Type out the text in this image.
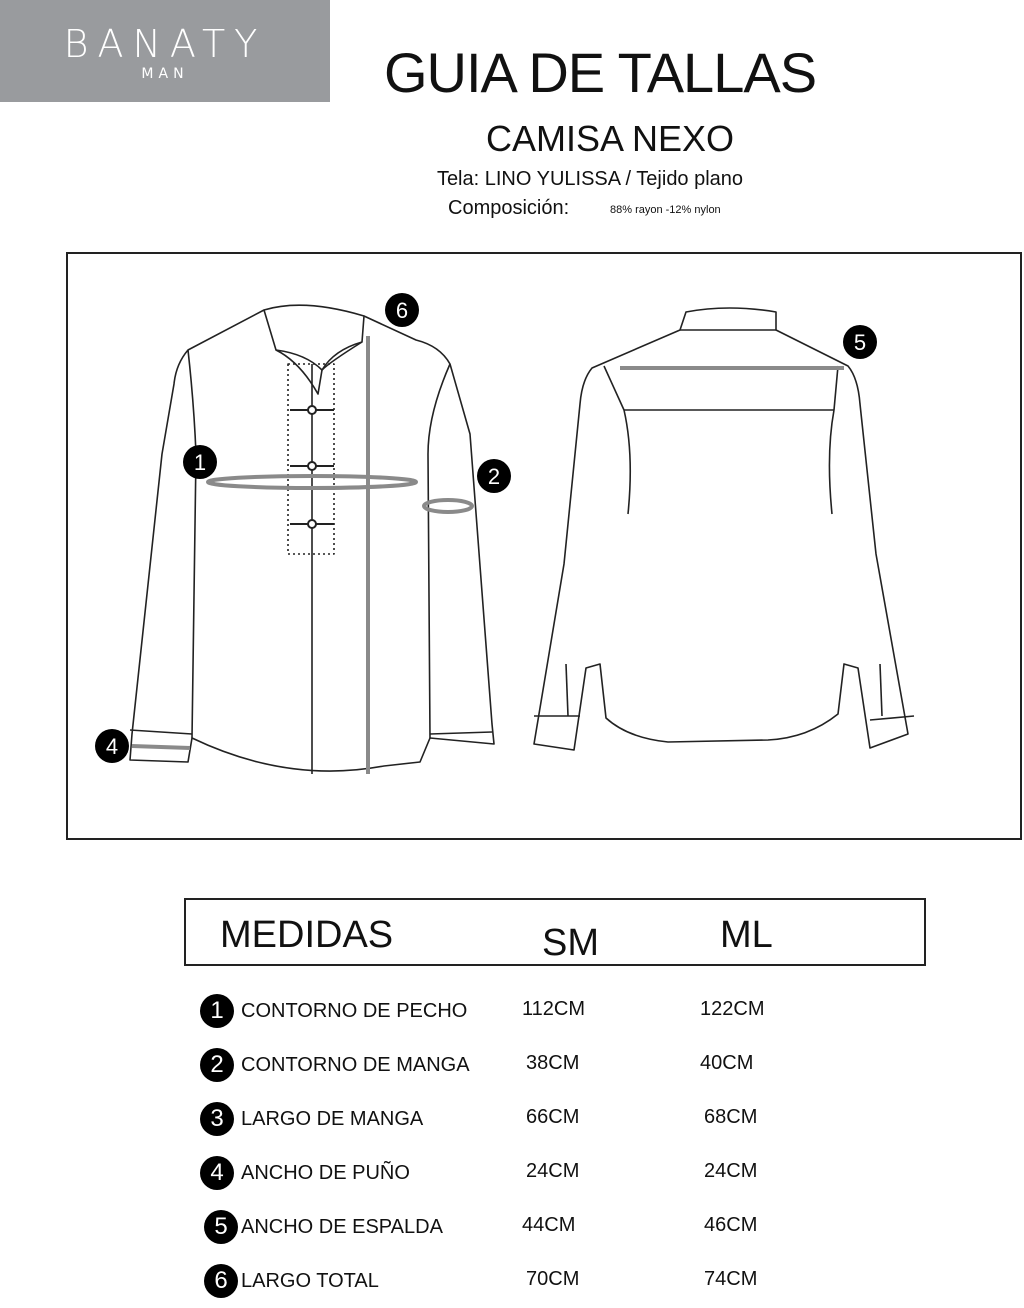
BANATY
MAN	GUIA DE TALLAS
CAMISA NEXO
Tela: LINO YULISSA / Tejido plano
Composición:	88% rayon -12% nylon
1
2
4
5
6
MEDIDAS	SM	ML
1 CONTORNO DE PECHO	112CM	122CM
2 CONTORNO DE MANGA	38CM	40CM
3 LARGO DE MANGA	66CM	68CM
4 ANCHO DE PUÑO	24CM	24CM
5 ANCHO DE ESPALDA	44CM	46CM
6 LARGO TOTAL	70CM	74CM
